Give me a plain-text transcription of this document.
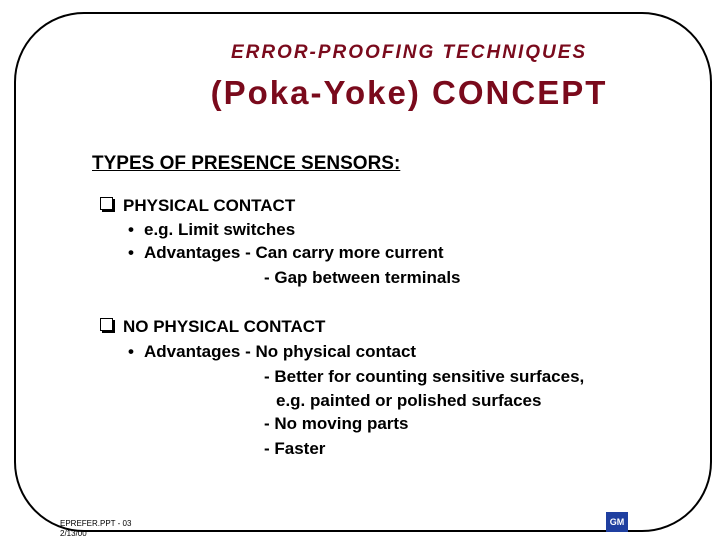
ERROR-PROOFING TECHNIQUES
(Poka-Yoke) CONCEPT
TYPES OF PRESENCE SENSORS:
PHYSICAL CONTACT
• e.g. Limit switches
• Advantages - Can carry more current
- Gap between terminals
NO PHYSICAL CONTACT
• Advantages - No physical contact
- Better for counting sensitive surfaces,
e.g. painted or polished surfaces
- No moving parts
- Faster
EPREFER.PPT - 03
2/13/00
GM
